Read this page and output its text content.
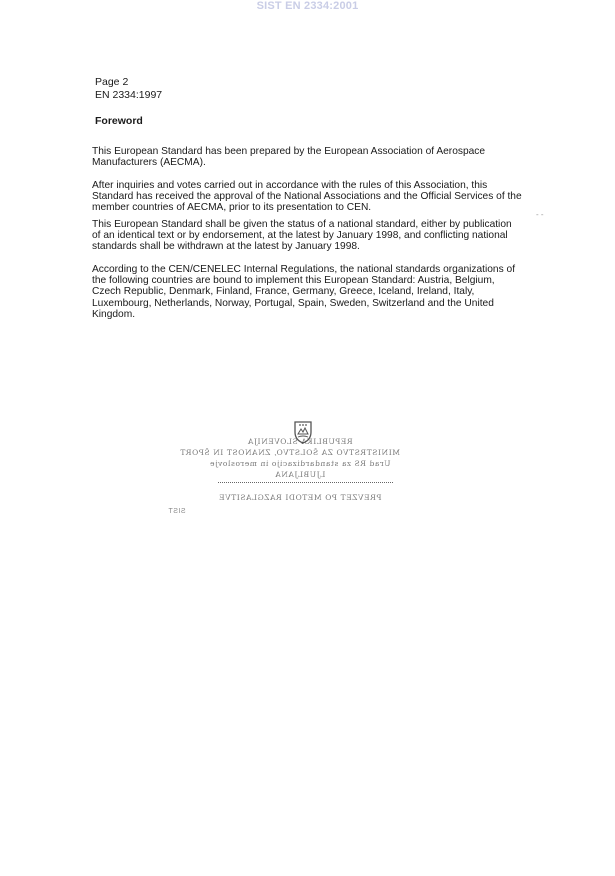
SIST EN 2334:2001
Page 2
EN 2334:1997
Foreword

This European Standard has been prepared by the European Association of Aerospace Manufacturers (AECMA).

After inquiries and votes carried out in accordance with the rules of this Association, this Standard has received the approval of the National Associations and the Official Services of the member countries of AECMA, prior to its presentation to CEN.

This European Standard shall be given the status of a national standard, either by publication of an identical text or by endorsement, at the latest by January 1998, and conflicting national standards shall be withdrawn at the latest by January 1998.

According to the CEN/CENELEC Internal Regulations, the national standards organizations of the following countries are bound to implement this European Standard: Austria, Belgium, Czech Republic, Denmark, Finland, France, Germany, Greece, Iceland, Ireland, Italy, Luxembourg, Netherlands, Norway, Portugal, Spain, Sweden, Switzerland and the United Kingdom.

REPUBLIKA SLOVENIJA
MINISTRSTVO ZA ŠOLSTVO, ZNANOST IN ŠPORT
Urad RS za standardizacijo in meroslovje
LJUBLJANA
PREVZET PO METODI RAZGLASITVE
SIST
- -
